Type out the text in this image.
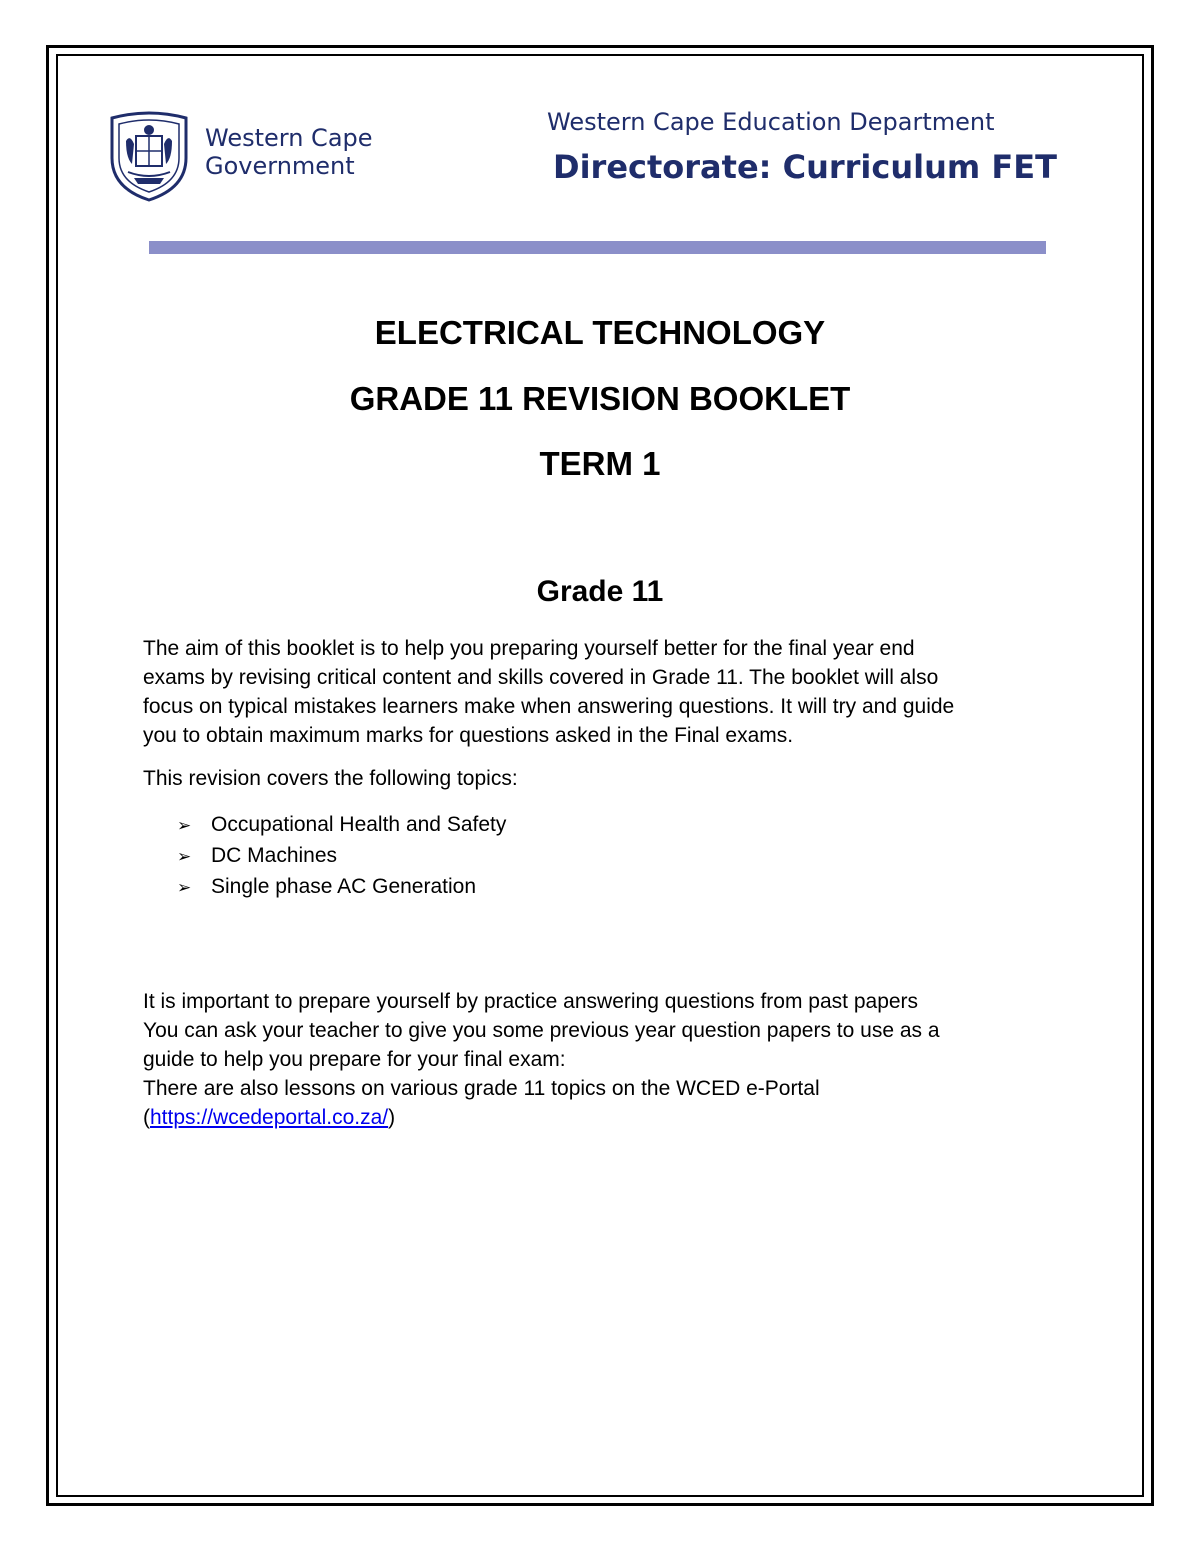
Western Cape
Government
Western Cape Education Department
Directorate: Curriculum FET
ELECTRICAL TECHNOLOGY
GRADE 11 REVISION BOOKLET
TERM 1
Grade 11
The aim of this booklet is to help you preparing yourself better for the final year end
exams by revising critical content and skills covered in Grade 11. The booklet will also
focus on typical mistakes learners make when answering questions. It will try and guide
you to obtain maximum marks for questions asked in the Final exams.
This revision covers the following topics:
➢ Occupational Health and Safety
➢ DC Machines
➢ Single phase AC Generation
It is important to prepare yourself by practice answering questions from past papers
You can ask your teacher to give you some previous year question papers to use as a
guide to help you prepare for your final exam:
There are also lessons on various grade 11 topics on the WCED e-Portal
(https://wcedeportal.co.za/)
